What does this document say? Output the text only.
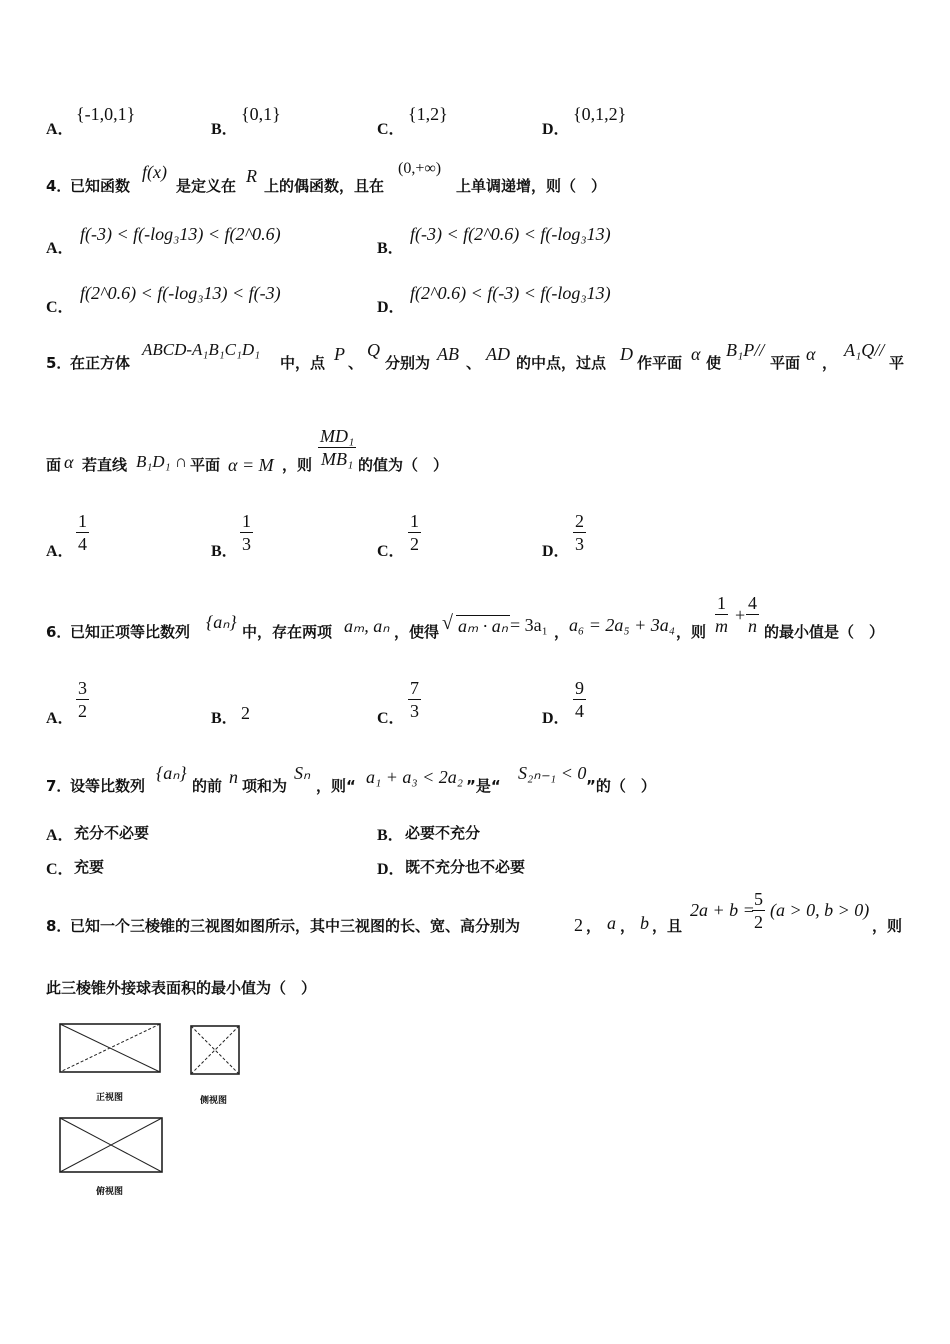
A．
{-1,0,1}
B．
{0,1}
C．
{1,2}
D．
{0,1,2}
4．
已知函数
f(x)
是定义在 R 上的偶函数，且在
(0,+∞)
上单调递增，则（　）
A．
f(-3) < f(-log₃13) < f(2^0.6)
B．
f(-3) < f(2^0.6) < f(-log₃13)
C．
f(2^0.6) < f(-log₃13) < f(-3)
D．
f(2^0.6) < f(-3) < f(-log₃13)
5．
在正方体
ABCD-A₁B₁C₁D₁
中，点 P 、
Q
分别为 AB 、 AD 的中点，过点 D 作平面 α 使
B₁P//
平面 α ，
A₁Q//
平
面 α 若直线 B₁D₁ ∩ 平面 α = M ，则 $\frac{\text{MD₁}}{\text{MB₁}}$ 的值为（　）
A． $\frac{1}{4}$	B． $\frac{1}{3}$	C． $\frac{1}{2}$	D． $\frac{2}{3}$
6．
已知正项等比数列 {aₙ} 中，存在两项 aₘ, aₙ ，使得 √ aₘ · aₙ = 3a₁ ， a₆ = 2a₅ + 3a₄ ，则 $\frac{1}{m} + \frac{4}{n}$ 的最小值是（　）
A． $\frac{3}{2}$	B． 2	C． $\frac{7}{3}$	D． $\frac{9}{4}$
7．
设等比数列
{aₙ}
的前 n 项和为
Sₙ
，则“ a₁ + a₃ < 2a₂ ”是“
S₂ₙ₋₁ < 0
”的（　）
A． 充分不必要	B． 必要不充分
C． 充要	D． 既不充分也不必要
8．
已知一个三棱锥的三视图如图所示，其中三视图的长、宽、高分别为	2 ， a ， b ，且
2a + b =
$\frac{5}{2} (a > 0$, b > 0)
，则
此三棱锥外接球表面积的最小值为（　）
正视图	侧视图
俯视图
